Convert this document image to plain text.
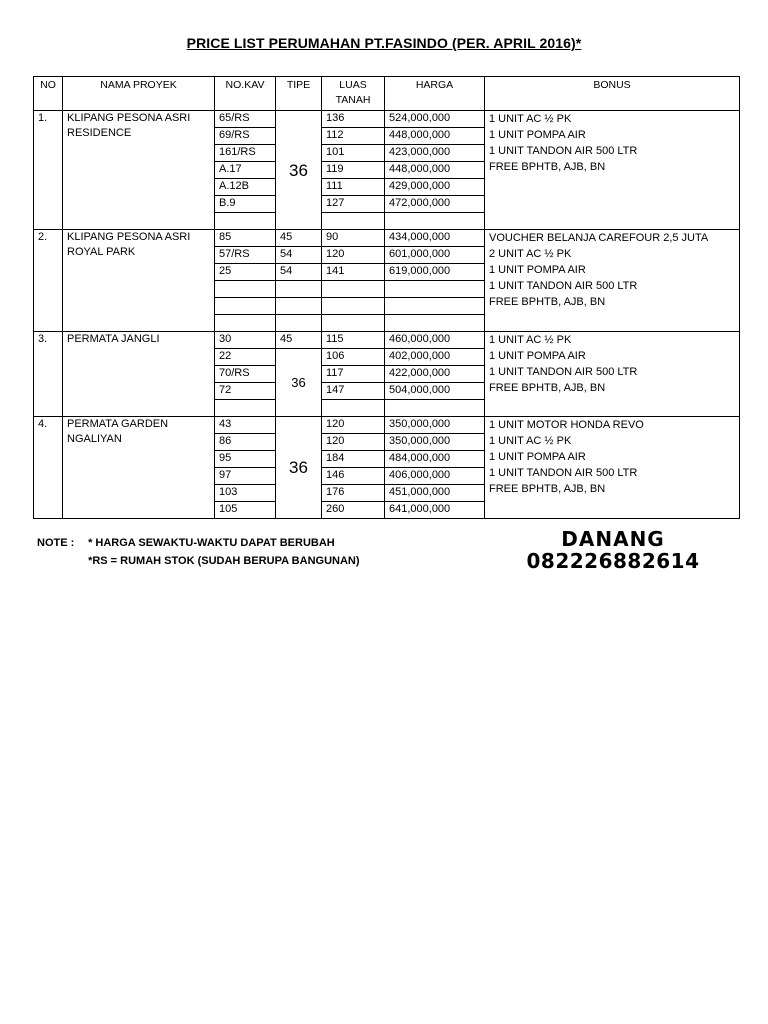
PRICE LIST PERUMAHAN PT.FASINDO (PER. APRIL 2016)*
NO	NAMA PROYEK	NO.KAV	TIPE	LUAS TANAH	HARGA	BONUS
1.	KLIPANG PESONA ASRI RESIDENCE	65/RS	36	136	524,000,000	1 UNIT AC ½ PK
1 UNIT POMPA AIR
1 UNIT TANDON AIR 500 LTR
FREE BPHTB, AJB, BN

		69/RS		112	448,000,000	
		161/RS		101	423,000,000	
		A.17		119	448,000,000	
		A.12B		111	429,000,000	
		B.9		127	472,000,000	

2.	KLIPANG PESONA ASRI ROYAL PARK	85	45	90	434,000,000	VOUCHER BELANJA CAREFOUR 2,5 JUTA
2 UNIT AC ½ PK
1 UNIT POMPA AIR
1 UNIT TANDON AIR 500 LTR
FREE BPHTB, AJB, BN

		57/RS	54	120	601,000,000	
		25	54	141	619,000,000	

3.	PERMATA JANGLI	30	45	115	460,000,000	1 UNIT AC ½ PK
1 UNIT POMPA AIR
1 UNIT TANDON AIR 500 LTR
FREE BPHTB, AJB, BN

		22	36	106	402,000,000	
		70/RS		117	422,000,000	
		72		147	504,000,000	

4.	PERMATA GARDEN NGALIYAN	43	36	120	350,000,000	1 UNIT MOTOR HONDA REVO
1 UNIT AC ½ PK
1 UNIT POMPA AIR
1 UNIT TANDON AIR 500 LTR
FREE BPHTB, AJB, BN

		86		120	350,000,000	
		95		184	484,000,000	
		97		146	406,000,000	
		103		176	451,000,000	
		105		260	641,000,000	
NOTE : * HARGA SEWAKTU-WAKTU DAPAT BERUBAH
*RS = RUMAH STOK (SUDAH BERUPA BANGUNAN)
DANANG
082226882614
